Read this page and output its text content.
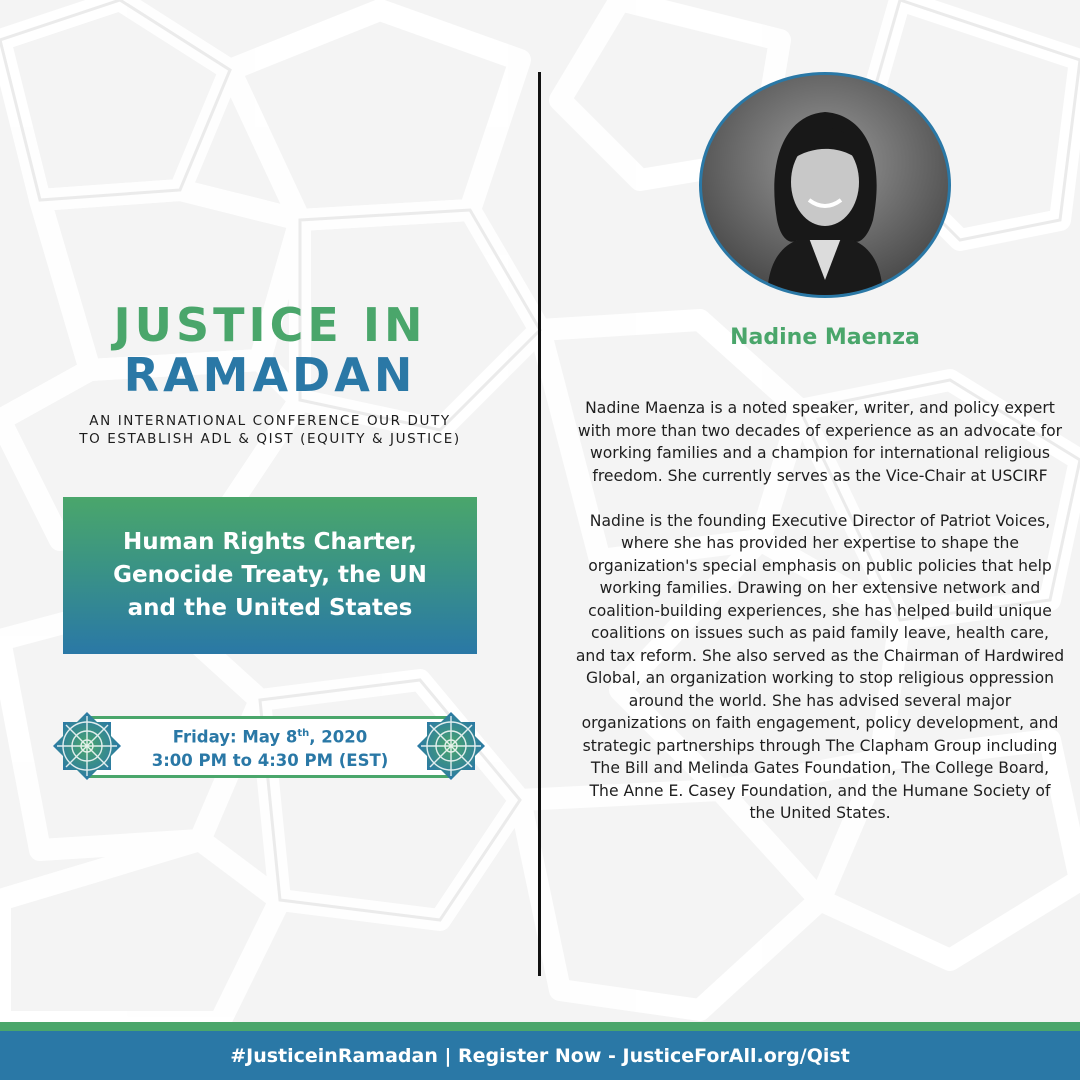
JUSTICE IN
RAMADAN
AN INTERNATIONAL CONFERENCE OUR DUTY
TO ESTABLISH ADL & QIST (EQUITY & JUSTICE)
Human Rights Charter,
Genocide Treaty, the UN
and the United States
Friday: May 8th, 2020
3:00 PM to 4:30 PM (EST)
Nadine Maenza

Nadine Maenza is a noted speaker, writer, and policy expert with more than two decades of experience as an advocate for working families and a champion for international religious freedom. She currently serves as the Vice-Chair at USCIRF

Nadine is the founding Executive Director of Patriot Voices, where she has provided her expertise to shape the organization's special emphasis on public policies that help working families. Drawing on her extensive network and coalition-building experiences, she has helped build unique coalitions on issues such as paid family leave, health care, and tax reform. She also served as the Chairman of Hardwired Global, an organization working to stop religious oppression around the world. She has advised several major organizations on faith engagement, policy development, and strategic partnerships through The Clapham Group including The Bill and Melinda Gates Foundation, The College Board, The Anne E. Casey Foundation, and the Humane Society of the United States.

#JusticeinRamadan | Register Now - JusticeForAll.org/Qist
